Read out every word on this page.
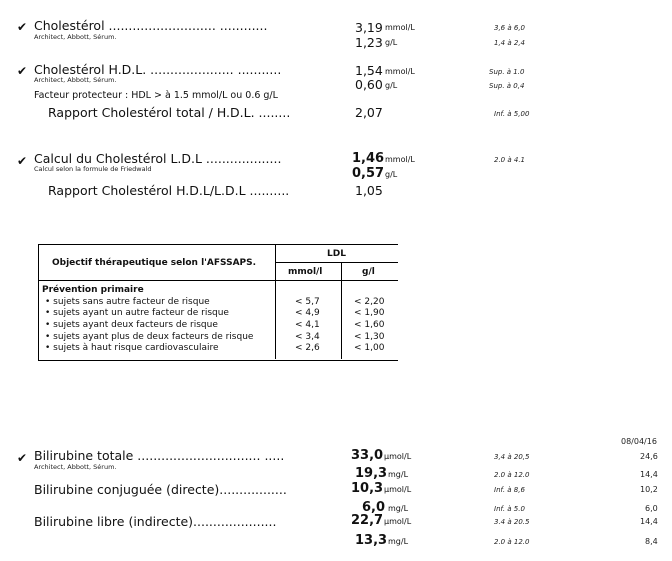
✔ Cholestérol ........................... ............
Architect, Abbott, Sérum.
3,19 mmol/L	3,6 à 6,0
1,23 g/L	1,4 à 2,4
✔ Cholestérol H.D.L. ..................... ...........
Architect, Abbott, Sérum.
1,54 mmol/L	Sup. à 1.0
0,60 g/L	Sup. à 0,4
Facteur protecteur : HDL > à 1.5 mmol/L ou 0.6 g/L
Rapport Cholestérol total / H.D.L. ........	2,07	Inf. à 5,00
✔ Calcul du Cholestérol L.D.L ...................
Calcul selon la formule de Friedwald
1,46 mmol/L	2.0 à 4.1
0,57 g/L
Rapport Cholestérol H.D.L/L.D.L ..........	1,05
Objectif thérapeutique selon l'AFSSAPS.
LDL
mmol/l	g/l
Prévention primaire
• sujets sans autre facteur de risque	< 5,7	< 2,20
• sujets ayant un autre facteur de risque	< 4,9	< 1,90
• sujets ayant deux facteurs de risque	< 4,1	< 1,60
• sujets ayant plus de deux facteurs de risque	< 3,4	< 1,30
• sujets à haut risque cardiovasculaire	< 2,6	< 1,00
08/04/16
✔ Bilirubine totale ............................... .....
Architect, Abbott, Sérum.
33,0 µmol/L	3,4 à 20,5	24,6
19,3 mg/L	2.0 à 12.0	14,4
Bilirubine conjuguée (directe).................	10,3 µmol/L	Inf. à 8,6	10,2
6,0 mg/L	Inf. à 5.0	6,0
Bilirubine libre (indirecte).....................	22,7 µmol/L	3.4 à 20.5	14,4
13,3 mg/L	2.0 à 12.0	8,4
